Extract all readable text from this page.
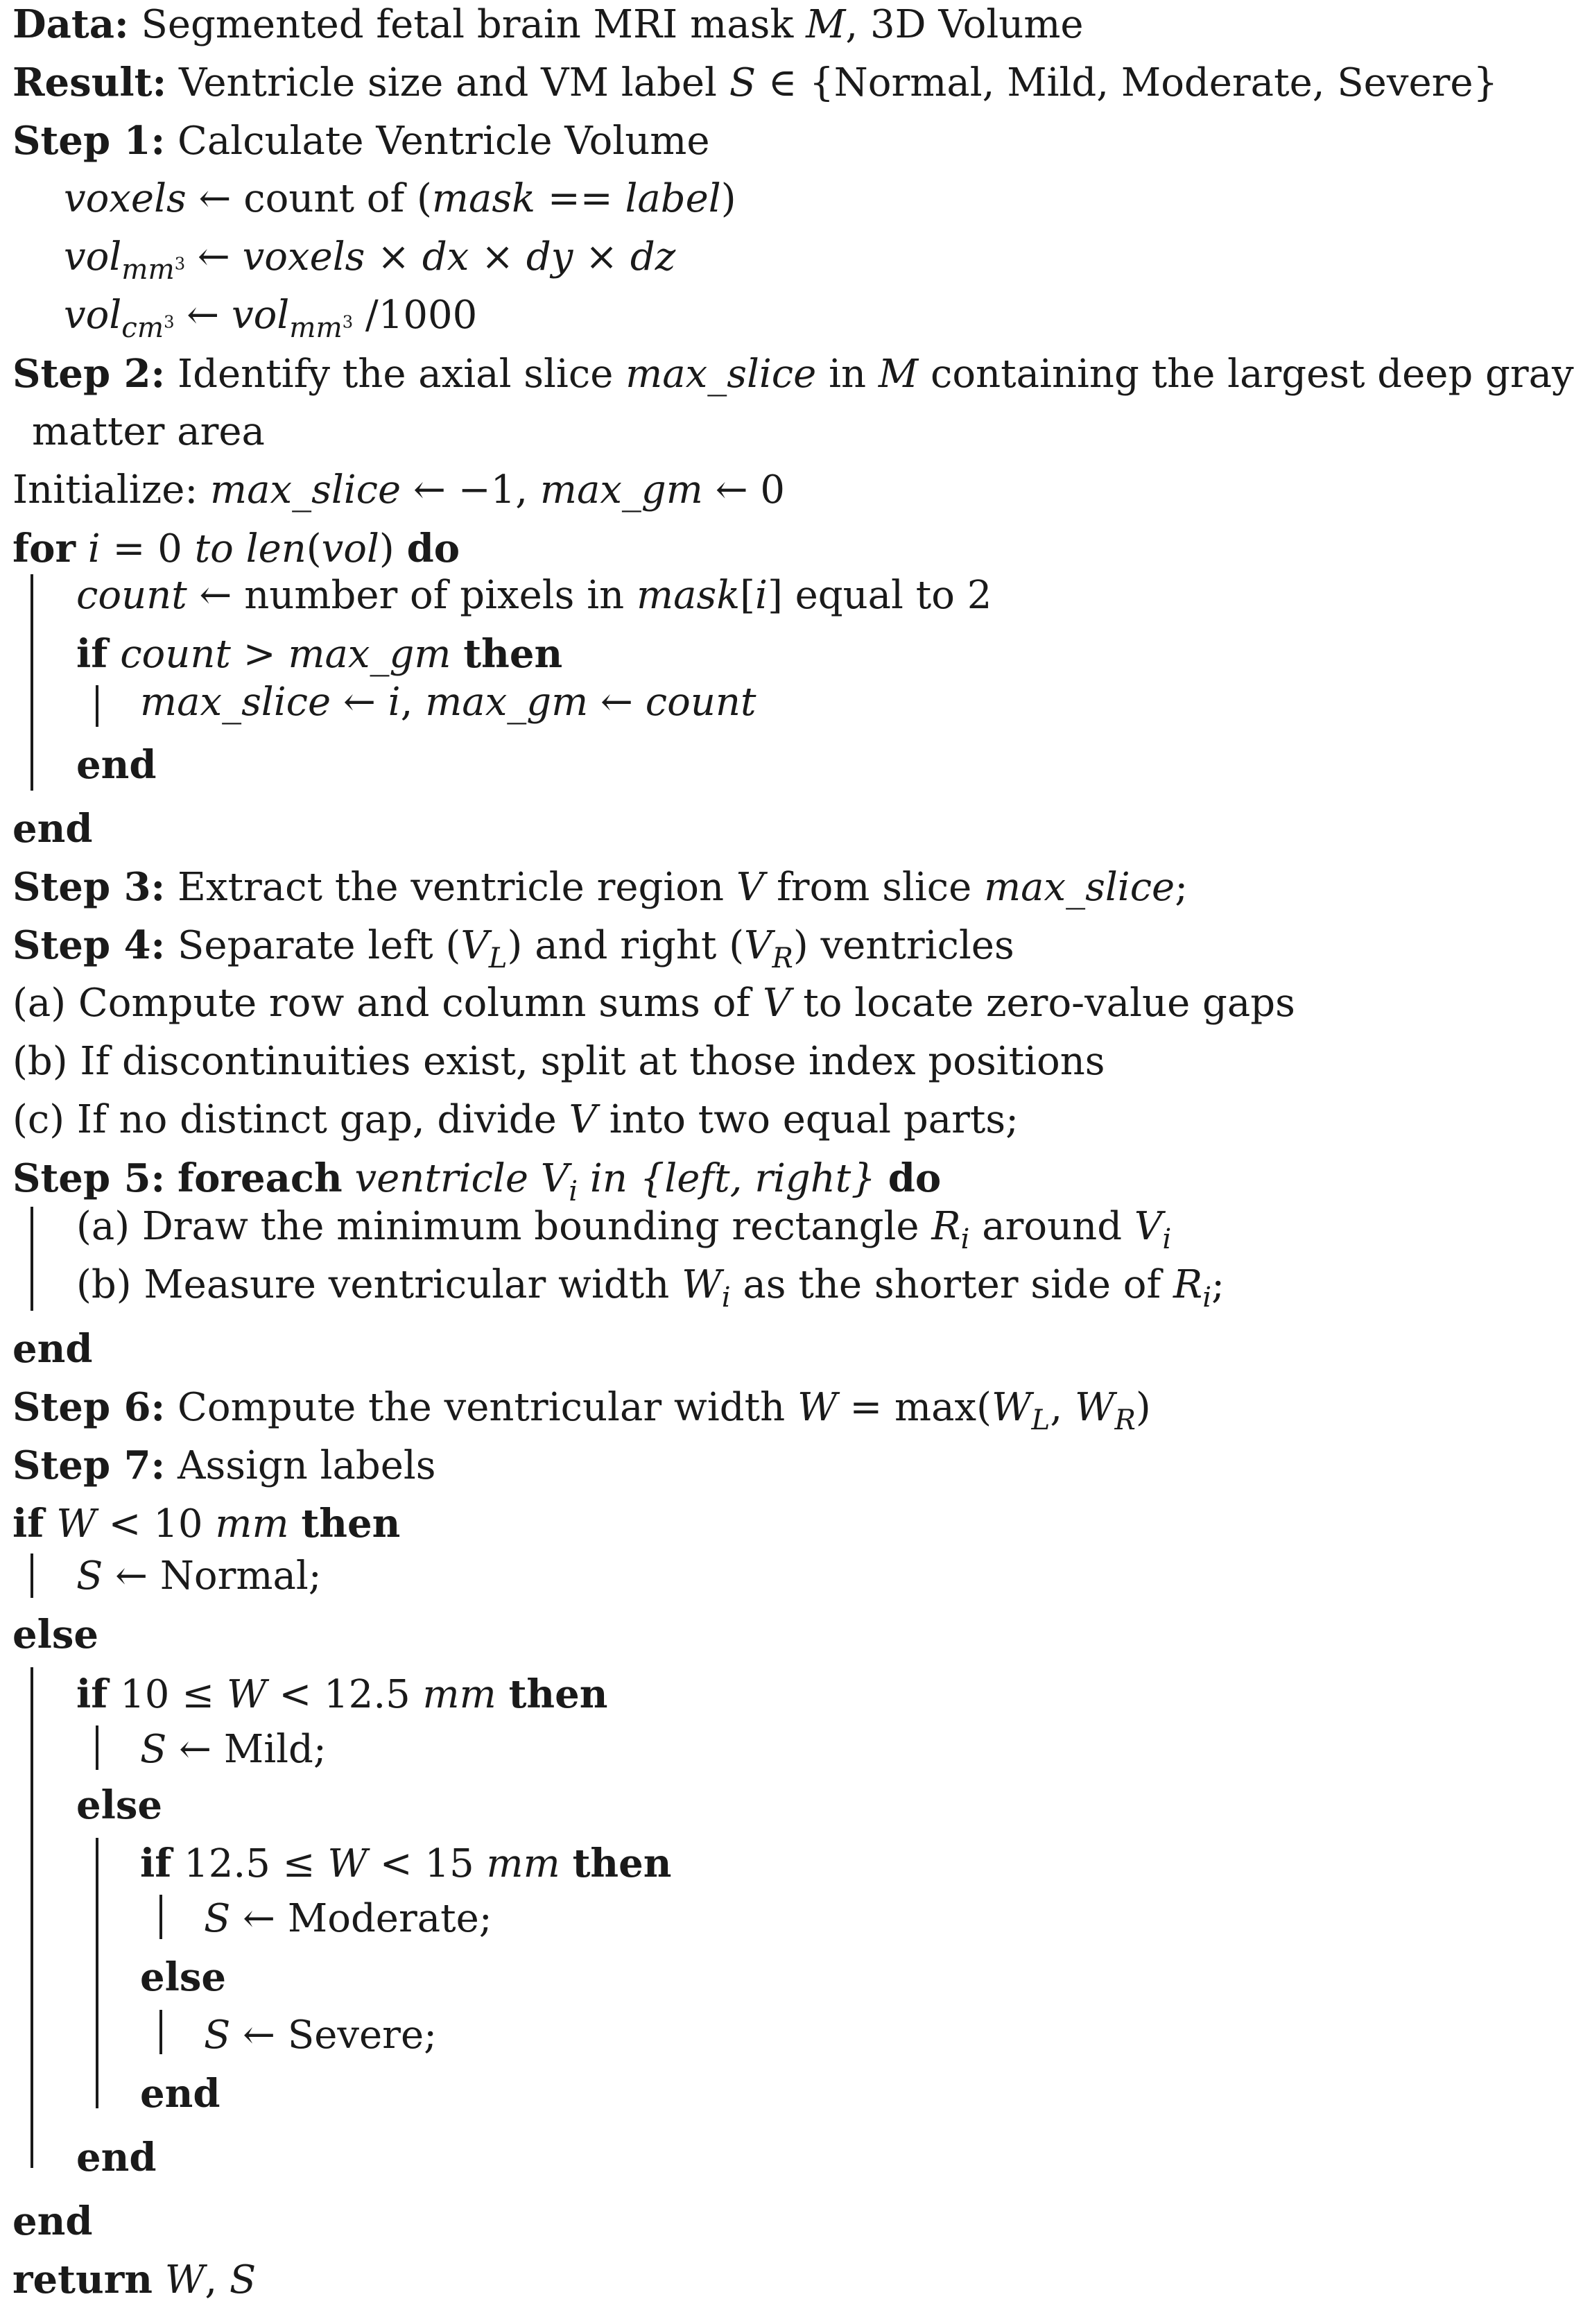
Data: Segmented fetal brain MRI mask M, 3D Volume
Result: Ventricle size and VM label S ∈ {Normal, Mild, Moderate, Severe}
Step 1: Calculate Ventricle Volume
voxels ← count of (mask == label)
vol$_{mm^3}$ ← voxels × dx × dy × dz
vol$_{cm^3}$ ← vol$_{mm^3}$ /1000
Step 2: Identify the axial slice max_slice in M containing the largest deep gray
matter area
Initialize: max_slice ← −1, max_gm ← 0
for i = 0 to len(vol) do
count ← number of pixels in mask[i] equal to 2
if count > max_gm then
max_slice ← i, max_gm ← count
end
end
Step 3: Extract the ventricle region V from slice max_slice;
Step 4: Separate left $(V_L)$ and right $(V_R)$ ventricles
(a) Compute row and column sums of V to locate zero-value gaps
(b) If discontinuities exist, split at those index positions
(c) If no distinct gap, divide V into two equal parts;
Step 5: foreach ventricle $V_i$ in {left, right} do
(a) Draw the minimum bounding rectangle $R_i$ around $V_i$
(b) Measure ventricular width $W_i$ as the shorter side of $R_i$;
end
Step 6: Compute the ventricular width $W = \max(W_L$, $W_R$)
Step 7: Assign labels
if W < 10 mm then
S ← Normal;
else
if 10 ≤ W < 12.5 mm then
S ← Mild;
else
if 12.5 ≤ W < 15 mm then
S ← Moderate;
else
S ← Severe;
end
end
end
return W, S
